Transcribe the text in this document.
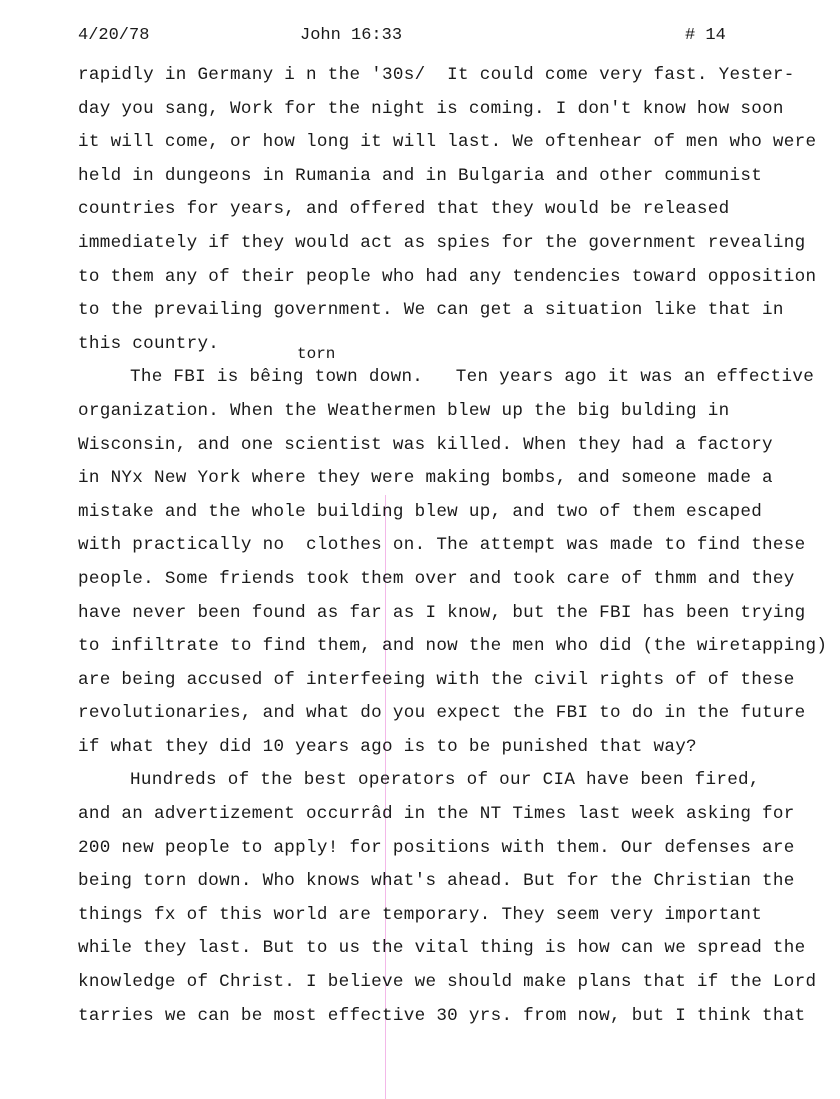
4/20/78	John 16:33	# 14
torn
rapidly in Germany i n the '30s/  It could come very fast. Yester-
day you sang, Work for the night is coming. I don't know how soon
it will come, or how long it will last. We oftenhear of men who were
held in dungeons in Rumania and in Bulgaria and other communist
countries for years, and offered that they would be released
immediately if they would act as spies for the government revealing
to them any of their people who had any tendencies toward opposition
to the prevailing government. We can get a situation like that in
this country.
The FBI is bêing town down.   Ten years ago it was an effective
organization. When the Weathermen blew up the big bulding in
Wisconsin, and one scientist was killed. When they had a factory
in NYx New York where they were making bombs, and someone made a
mistake and the whole building blew up, and two of them escaped
with practically no  clothes on. The attempt was made to find these
people. Some friends took them over and took care of thmm and they
have never been found as far as I know, but the FBI has been trying
to infiltrate to find them, and now the men who did (the wiretapping)
are being accused of interfeeing with the civil rights of of these
revolutionaries, and what do you expect the FBI to do in the future
if what they did 10 years ago is to be punished that way?
Hundreds of the best operators of our CIA have been fired,
and an advertizement occurrâd in the NT Times last week asking for
200 new people to apply! for positions with them. Our defenses are
being torn down. Who knows what's ahead. But for the Christian the
things fx of this world are temporary. They seem very important
while they last. But to us the vital thing is how can we spread the
knowledge of Christ. I believe we should make plans that if the Lord
tarries we can be most effective 30 yrs. from now, but I think that
